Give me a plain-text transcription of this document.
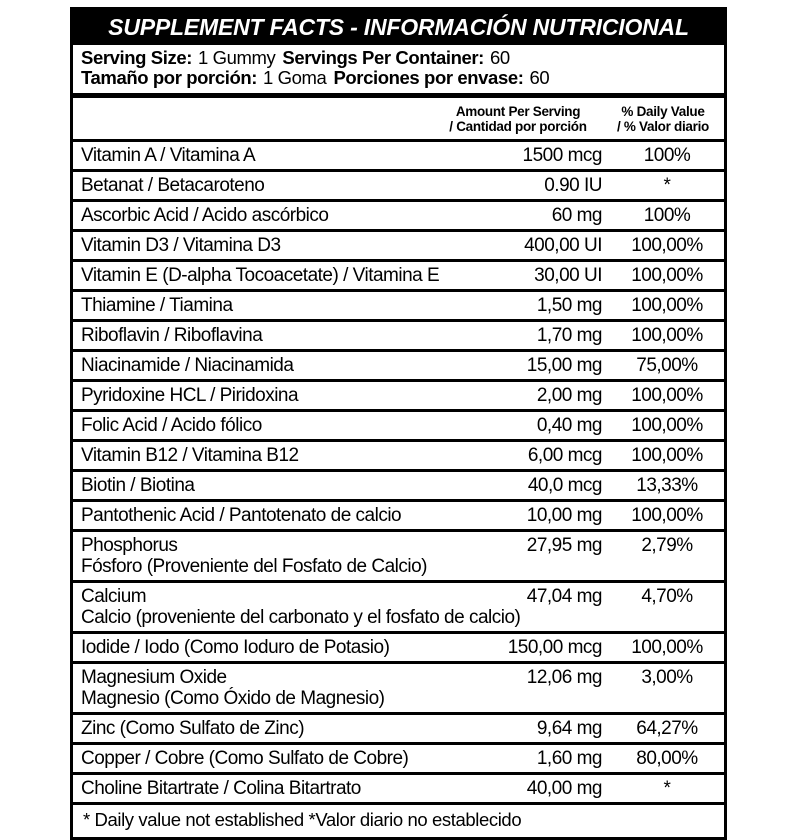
SUPPLEMENT FACTS - INFORMACIÓN NUTRICIONAL
Serving Size: 1 Gummy Servings Per Container: 60
Tamaño por porción: 1 Goma Porciones por envase: 60
Amount Per Serving
/ Cantidad por porción
% Daily Value
/ % Valor diario
Vitamin A / Vitamina A	1500 mcg	100%
Betanat / Betacaroteno	0.90 IU	*
Ascorbic Acid / Acido ascórbico	60 mg	100%
Vitamin D3 / Vitamina D3	400,00 UI	100,00%
Vitamin E (D-alpha Tocoacetate) / Vitamina E	30,00 UI	100,00%
Thiamine / Tiamina	1,50 mg	100,00%
Riboflavin / Riboflavina	1,70 mg	100,00%
Niacinamide / Niacinamida	15,00 mg	75,00%
Pyridoxine HCL / Piridoxina	2,00 mg	100,00%
Folic Acid / Acido fólico	0,40 mg	100,00%
Vitamin B12 / Vitamina B12	6,00 mcg	100,00%
Biotin / Biotina	40,0 mcg	13,33%
Pantothenic Acid / Pantotenato de calcio	10,00 mg	100,00%
Phosphorus	27,95 mg	2,79%
Fósforo (Proveniente del Fosfato de Calcio)
Calcium	47,04 mg	4,70%
Calcio (proveniente del carbonato y el fosfato de calcio)
Iodide / Iodo (Como Ioduro de Potasio)	150,00 mcg	100,00%
Magnesium Oxide	12,06 mg	3,00%
Magnesio (Como Óxido de Magnesio)
Zinc (Como Sulfato de Zinc)	9,64 mg	64,27%
Copper / Cobre (Como Sulfato de Cobre)	1,60 mg	80,00%
Choline Bitartrate / Colina Bitartrato	40,00 mg	*
* Daily value not established *Valor diario no establecido
